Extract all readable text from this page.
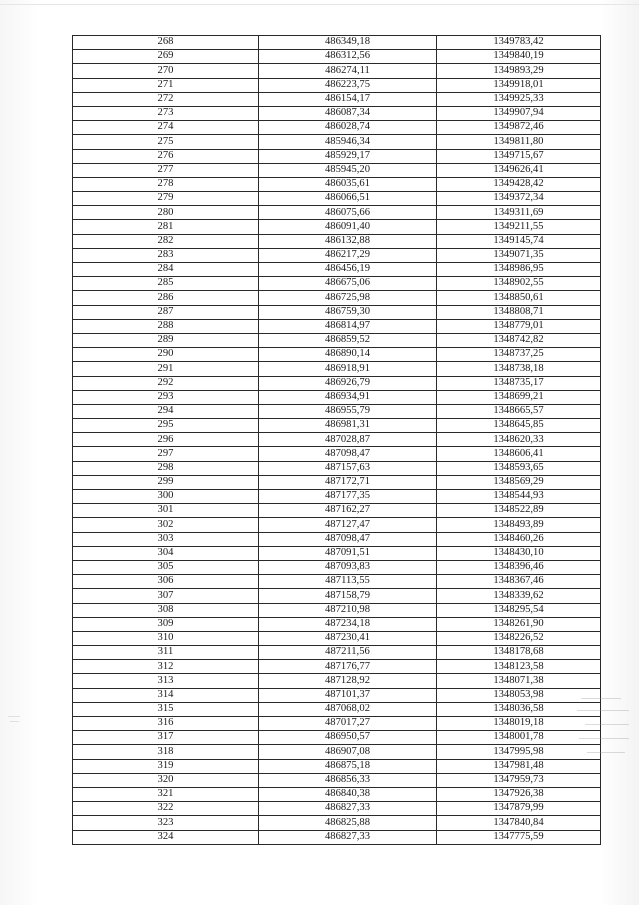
268	486349,18	1349783,42
269	486312,56	1349840,19
270	486274,11	1349893,29
271	486223,75	1349918,01
272	486154,17	1349925,33
273	486087,34	1349907,94
274	486028,74	1349872,46
275	485946,34	1349811,80
276	485929,17	1349715,67
277	485945,20	1349626,41
278	486035,61	1349428,42
279	486066,51	1349372,34
280	486075,66	1349311,69
281	486091,40	1349211,55
282	486132,88	1349145,74
283	486217,29	1349071,35
284	486456,19	1348986,95
285	486675,06	1348902,55
286	486725,98	1348850,61
287	486759,30	1348808,71
288	486814,97	1348779,01
289	486859,52	1348742,82
290	486890,14	1348737,25
291	486918,91	1348738,18
292	486926,79	1348735,17
293	486934,91	1348699,21
294	486955,79	1348665,57
295	486981,31	1348645,85
296	487028,87	1348620,33
297	487098,47	1348606,41
298	487157,63	1348593,65
299	487172,71	1348569,29
300	487177,35	1348544,93
301	487162,27	1348522,89
302	487127,47	1348493,89
303	487098,47	1348460,26
304	487091,51	1348430,10
305	487093,83	1348396,46
306	487113,55	1348367,46
307	487158,79	1348339,62
308	487210,98	1348295,54
309	487234,18	1348261,90
310	487230,41	1348226,52
311	487211,56	1348178,68
312	487176,77	1348123,58
313	487128,92	1348071,38
314	487101,37	1348053,98
315	487068,02	1348036,58
316	487017,27	1348019,18
317	486950,57	1348001,78
318	486907,08	1347995,98
319	486875,18	1347981,48
320	486856,33	1347959,73
321	486840,38	1347926,38
322	486827,33	1347879,99
323	486825,88	1347840,84
324	486827,33	1347775,59
